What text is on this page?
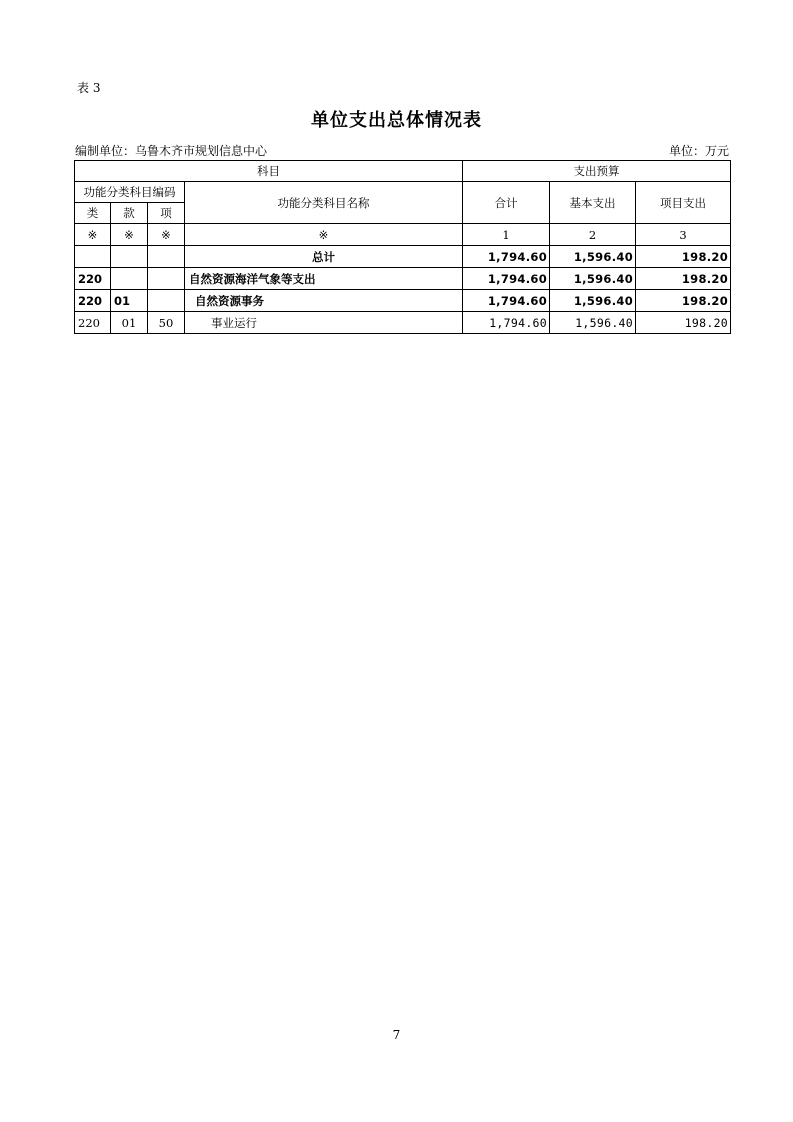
表 3
单位支出总体情况表
编制单位：乌鲁木齐市规划信息中心	单位：万元
科目				支出预算		
功能分类科目编码			功能分类科目名称	合计	基本支出	项目支出
类	款	项				
※	※	※	※	1	2	3
			总计	1,794.60	1,596.40	198.20
220			自然资源海洋气象等支出	1,794.60	1,596.40	198.20
220	01		自然资源事务	1,794.60	1,596.40	198.20
220	01	50	事业运行	1,794.60	1,596.40	198.20
7
